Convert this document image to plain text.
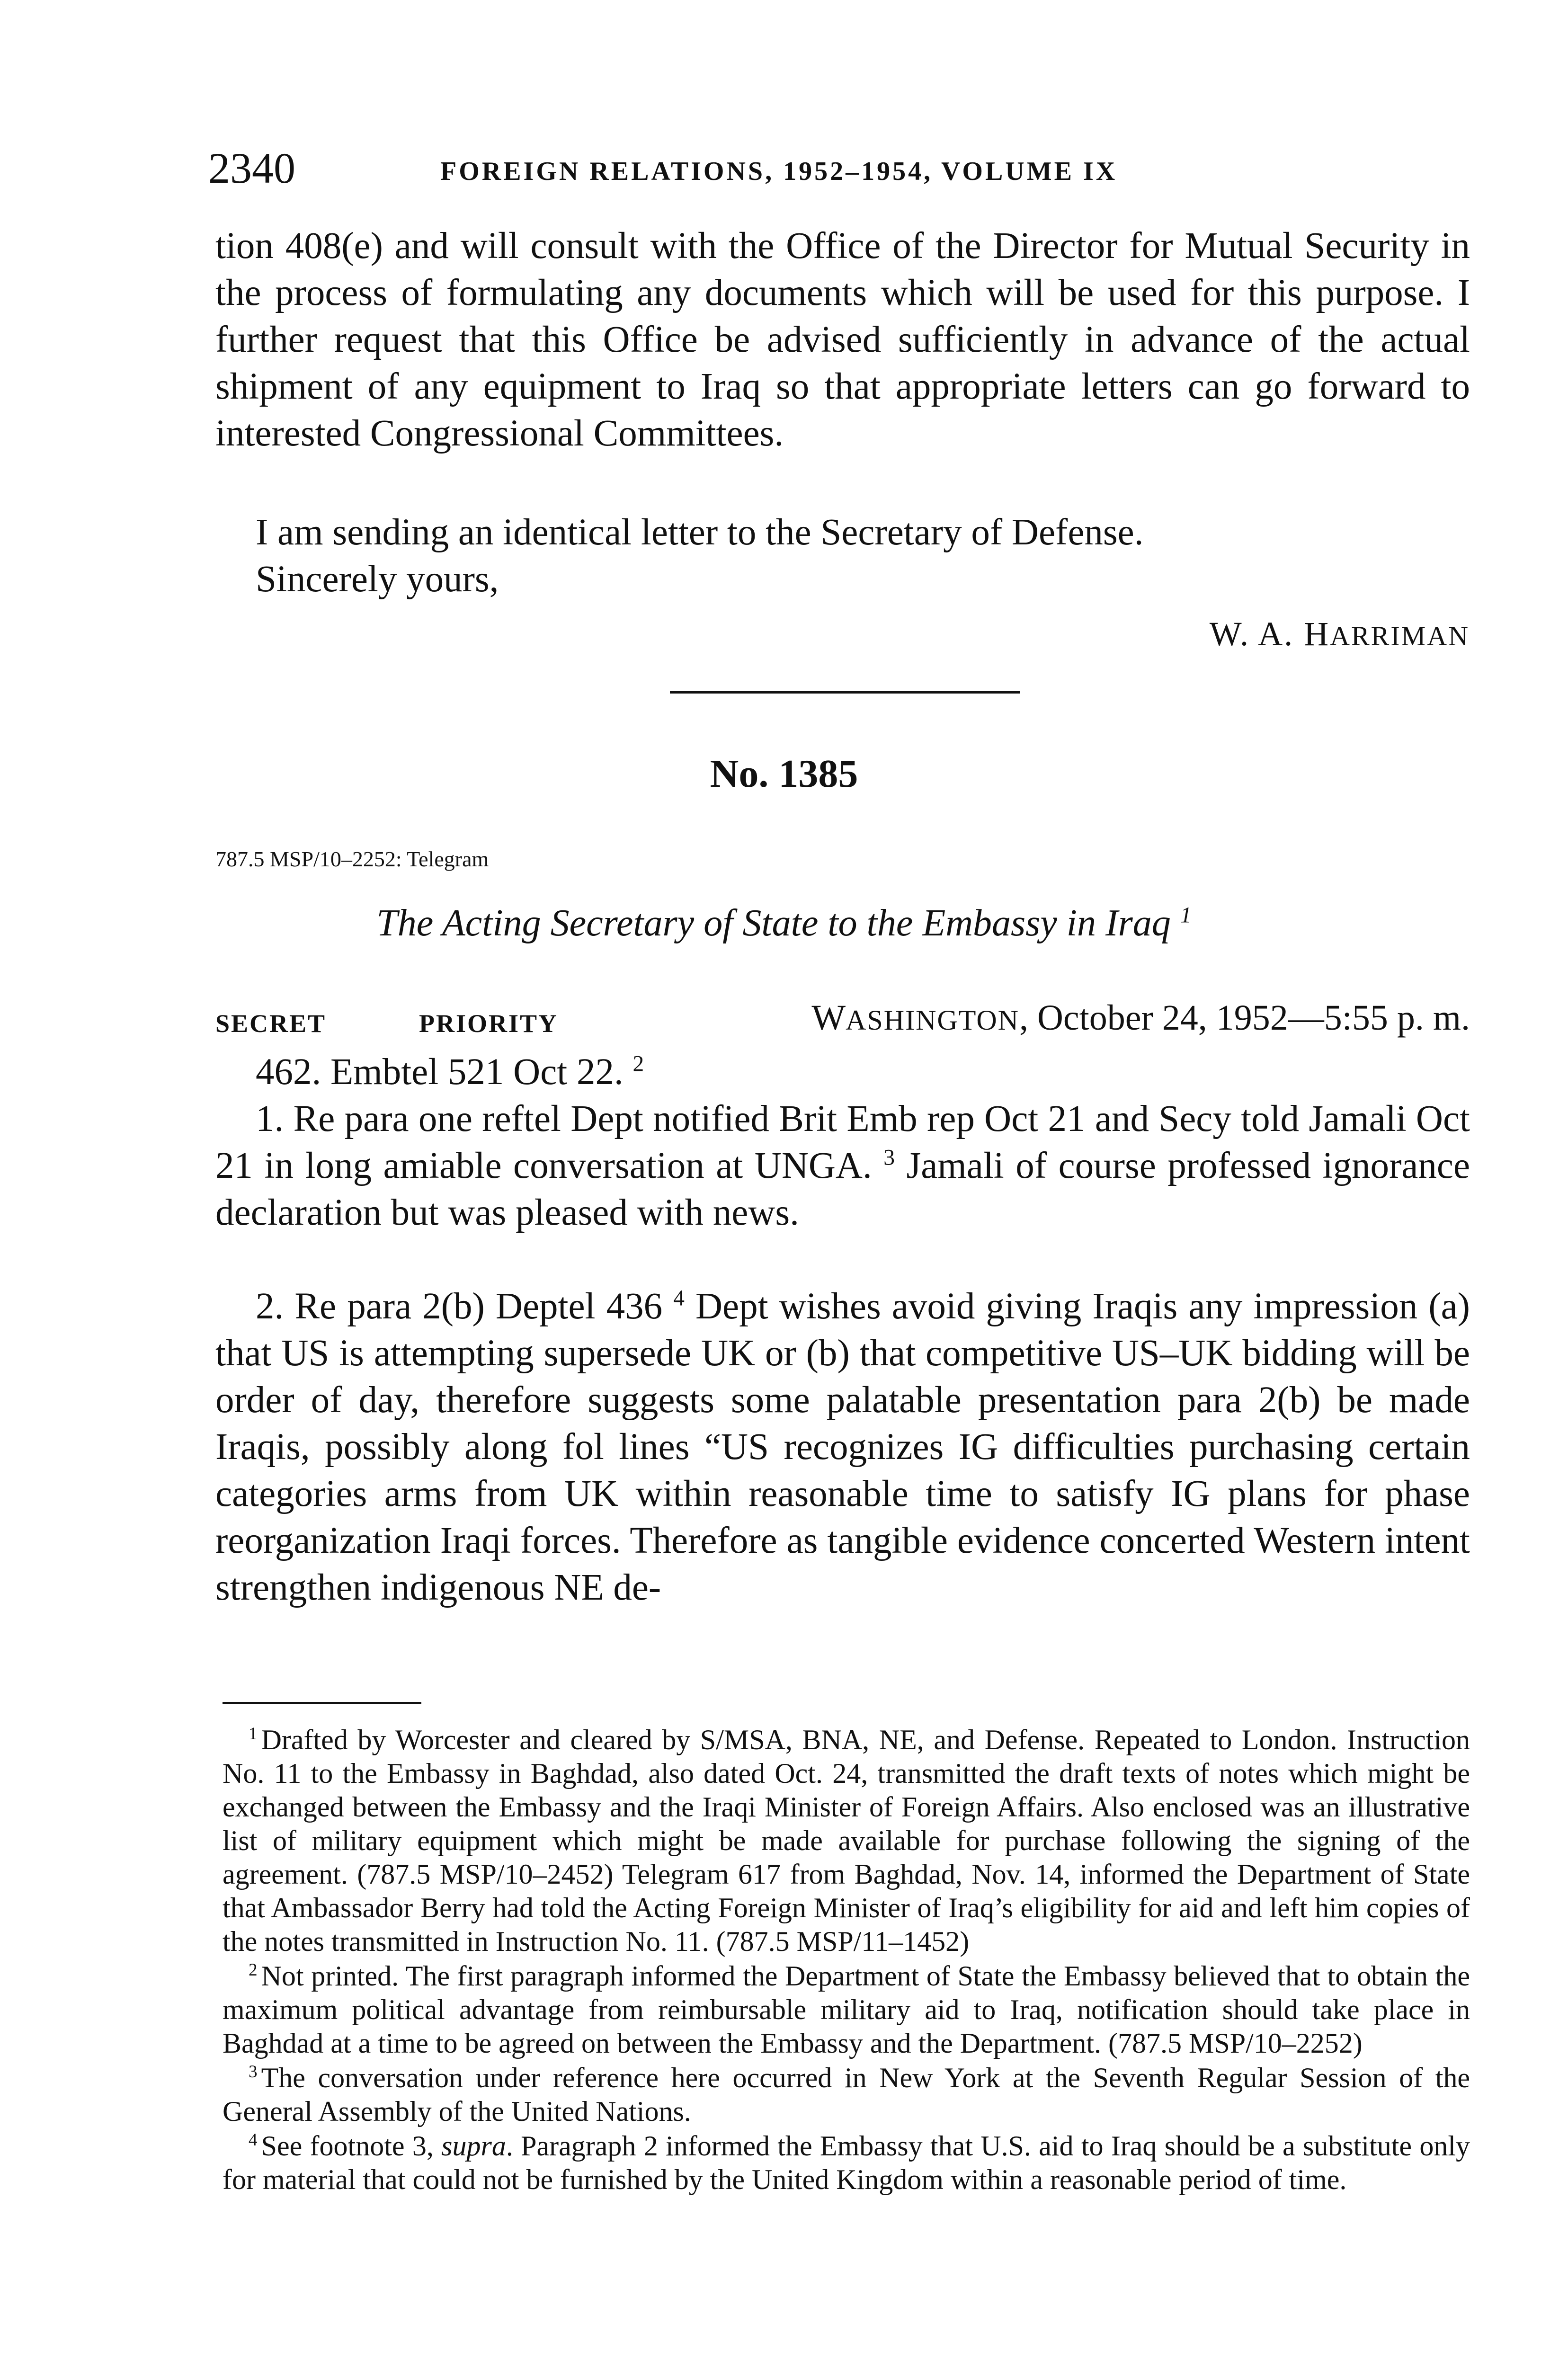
2340	FOREIGN RELATIONS, 1952–1954, VOLUME IX

tion 408(e) and will consult with the Office of the Director for Mutual Security in the process of formulating any documents which will be used for this purpose. I further request that this Office be advised sufficiently in advance of the actual shipment of any equipment to Iraq so that appropriate letters can go forward to interested Congressional Committees.

I am sending an identical letter to the Secretary of Defense.

Sincerely yours,

W. A. HARRIMAN
No. 1385
787.5 MSP/10–2252: Telegram
The Acting Secretary of State to the Embassy in Iraq $^1$
SECRET	PRIORITY	WASHINGTON, October 24, 1952—5:55 p. m.

462. Embtel 521 Oct 22. $^2$

1. Re para one reftel Dept notified Brit Emb rep Oct 21 and Secy told Jamali Oct 21 in long amiable conversation at UNGA. $^3$ Jamali of course professed ignorance declaration but was pleased with news.

2. Re para 2(b) Deptel 436 $^4$ Dept wishes avoid giving Iraqis any impression (a) that US is attempting supersede UK or (b) that competitive US–UK bidding will be order of day, therefore suggests some palatable presentation para 2(b) be made Iraqis, possibly along fol lines “US recognizes IG difficulties purchasing certain categories arms from UK within reasonable time to satisfy IG plans for phase reorganization Iraqi forces. Therefore as tangible evidence concerted Western intent strengthen indigenous NE de-

$^1$ Drafted by Worcester and cleared by S/MSA, BNA, NE, and Defense. Repeated to London. Instruction No. 11 to the Embassy in Baghdad, also dated Oct. 24, transmitted the draft texts of notes which might be exchanged between the Embassy and the Iraqi Minister of Foreign Affairs. Also enclosed was an illustrative list of military equipment which might be made available for purchase following the signing of the agreement. (787.5 MSP/10–2452) Telegram 617 from Baghdad, Nov. 14, informed the Department of State that Ambassador Berry had told the Acting Foreign Minister of Iraq’s eligibility for aid and left him copies of the notes transmitted in Instruction No. 11. (787.5 MSP/11–1452)

$^2$ Not printed. The first paragraph informed the Department of State the Embassy believed that to obtain the maximum political advantage from reimbursable military aid to Iraq, notification should take place in Baghdad at a time to be agreed on between the Embassy and the Department. (787.5 MSP/10–2252)

$^3$ The conversation under reference here occurred in New York at the Seventh Regular Session of the General Assembly of the United Nations.

$^4$ See footnote 3, supra. Paragraph 2 informed the Embassy that U.S. aid to Iraq should be a substitute only for material that could not be furnished by the United Kingdom within a reasonable period of time.
